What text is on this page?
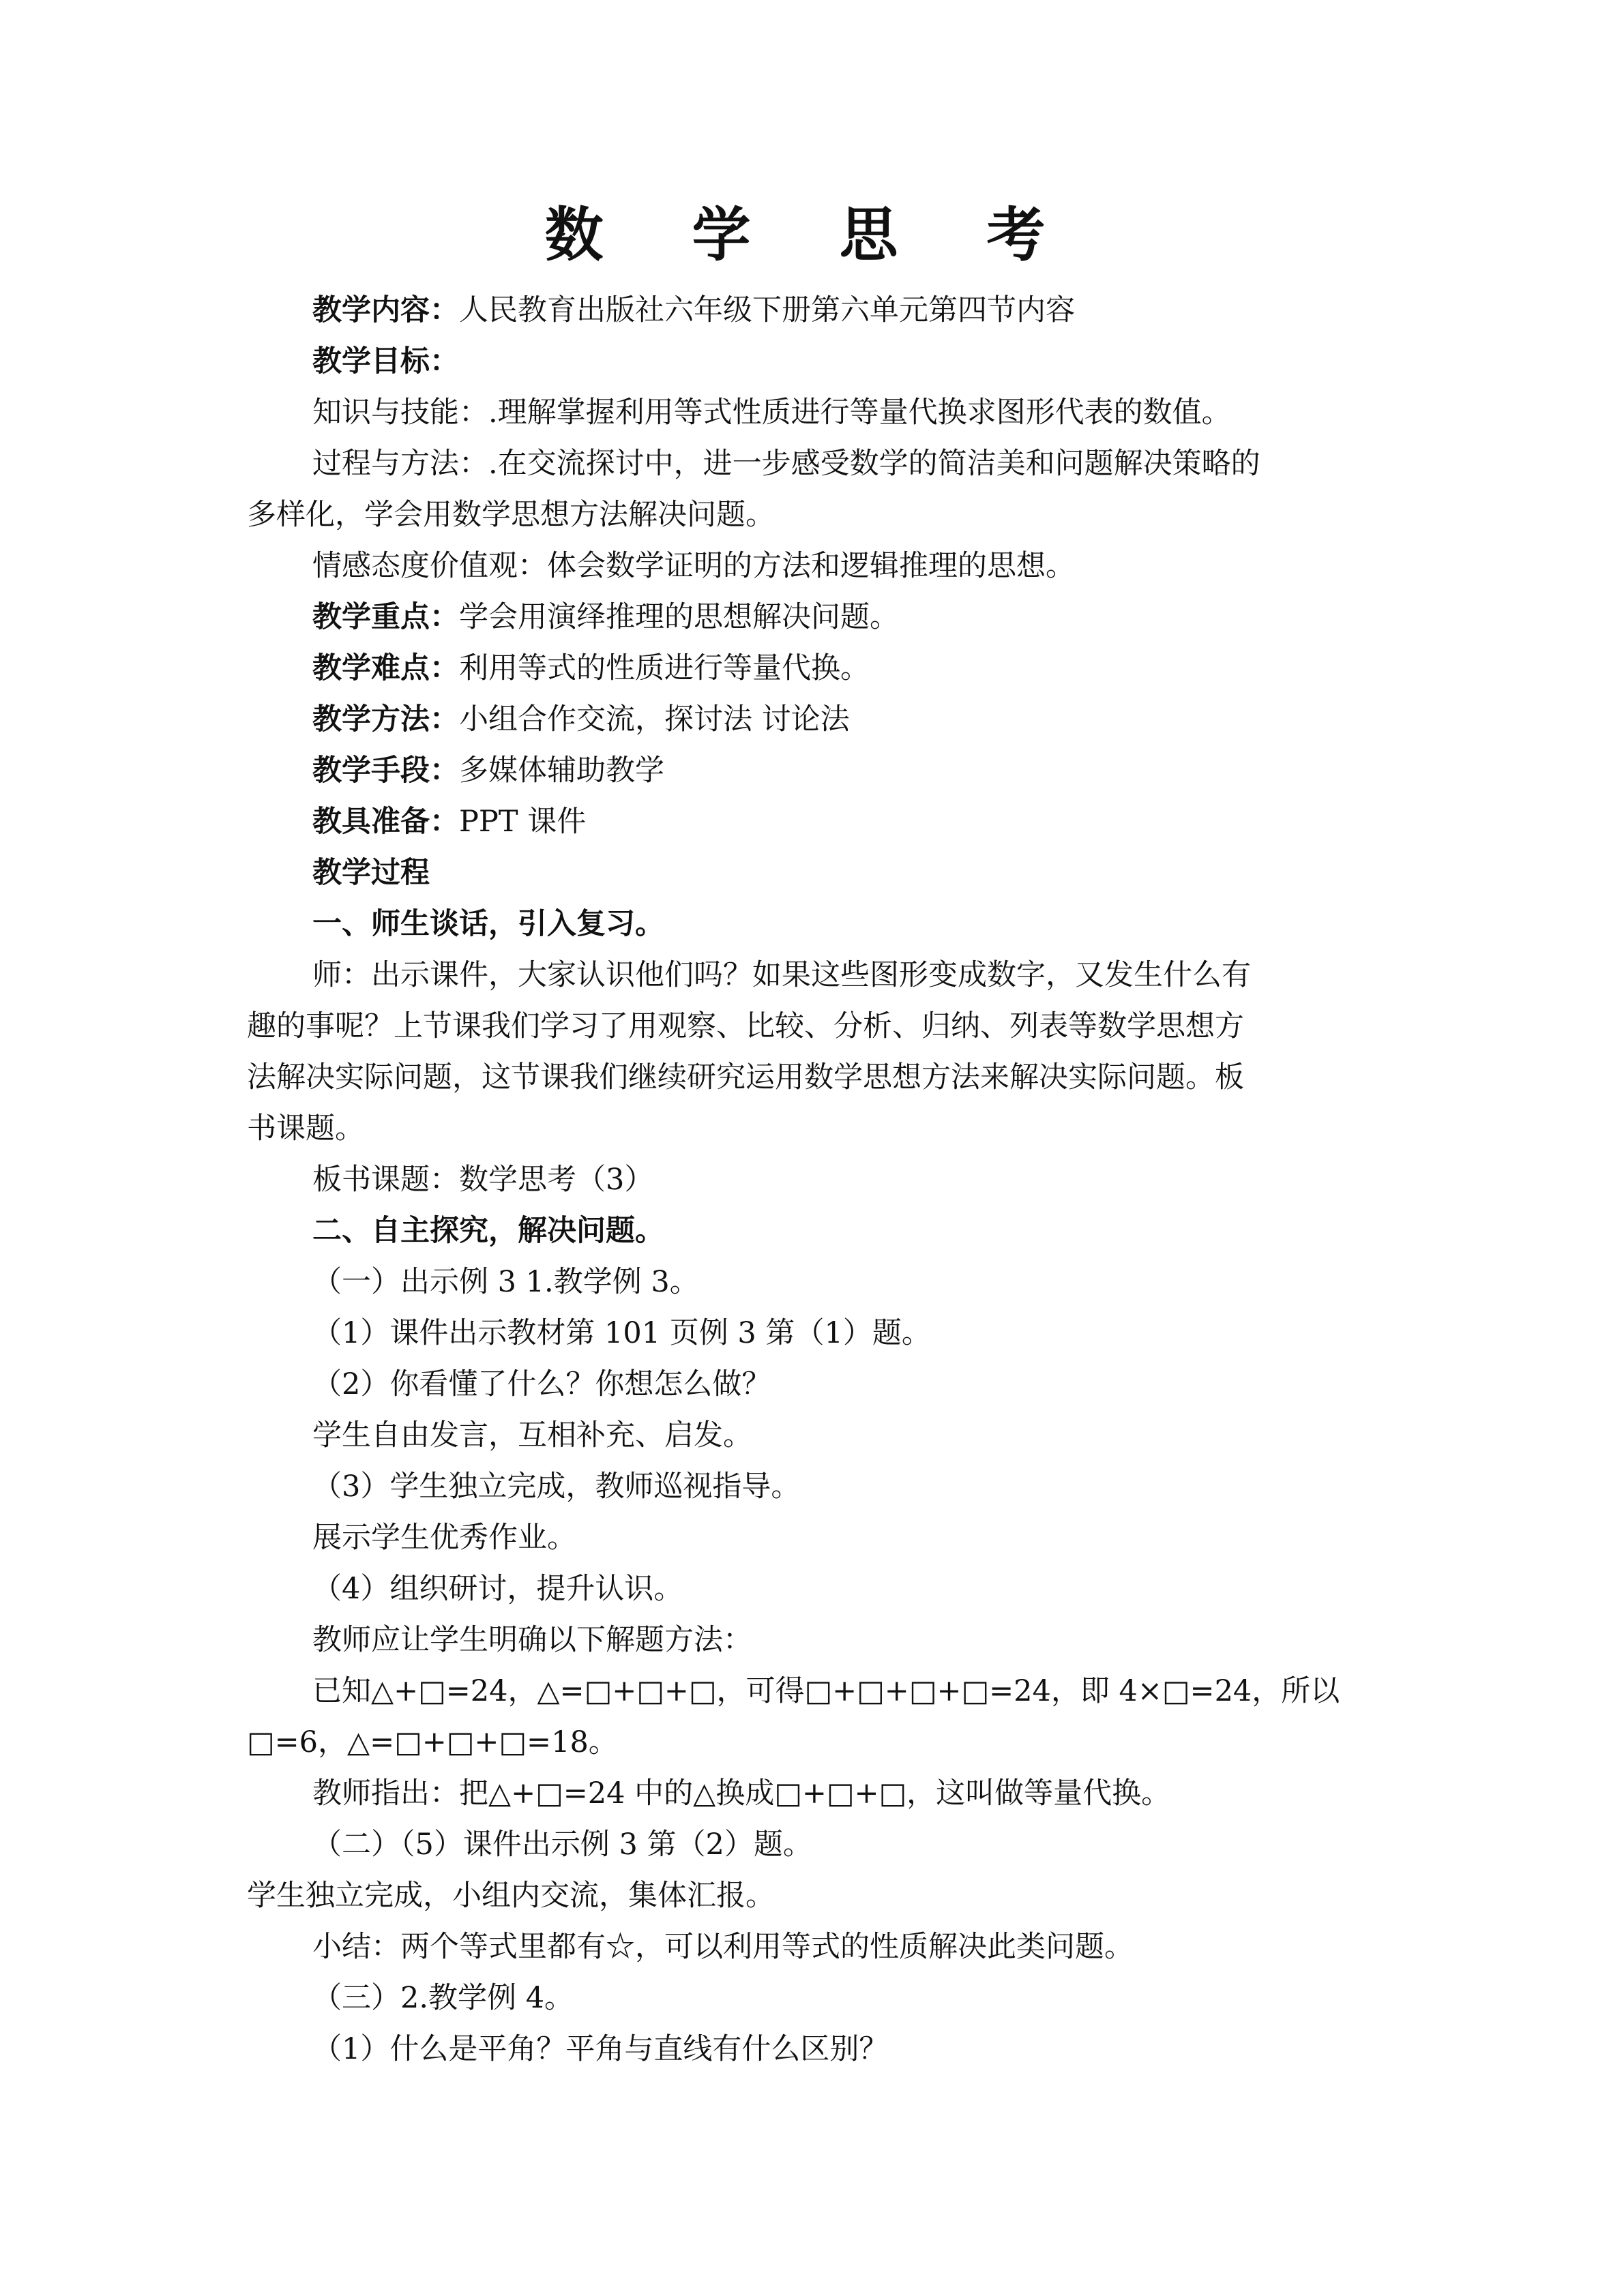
数 学 思 考
教学内容：人民教育出版社六年级下册第六单元第四节内容
教学目标：
知识与技能：.理解掌握利用等式性质进行等量代换求图形代表的数值。
过程与方法：.在交流探讨中，进一步感受数学的简洁美和问题解决策略的
多样化，学会用数学思想方法解决问题。
情感态度价值观：体会数学证明的方法和逻辑推理的思想。
教学重点：学会用演绎推理的思想解决问题。
教学难点：利用等式的性质进行等量代换。
教学方法：小组合作交流，探讨法 讨论法
教学手段：多媒体辅助教学
教具准备：PPT 课件
教学过程
一、师生谈话，引入复习。
师：出示课件，大家认识他们吗？如果这些图形变成数字，又发生什么有
趣的事呢？上节课我们学习了用观察、比较、分析、归纳、列表等数学思想方
法解决实际问题，这节课我们继续研究运用数学思想方法来解决实际问题。板
书课题。
板书课题：数学思考（3）
二、自主探究，解决问题。
（一）出示例 3 1.教学例 3。
（1）课件出示教材第 101 页例 3 第（1）题。
（2）你看懂了什么？你想怎么做？
学生自由发言，互相补充、启发。
（3）学生独立完成，教师巡视指导。
展示学生优秀作业。
（4）组织研讨，提升认识。
教师应让学生明确以下解题方法：
已知△+□=24，△=□+□+□，可得□+□+□+□=24，即 4×□=24，所以
□=6，△=□+□+□=18。
教师指出：把△+□=24 中的△换成□+□+□，这叫做等量代换。
（二）（5）课件出示例 3 第（2）题。
学生独立完成，小组内交流，集体汇报。
小结：两个等式里都有☆，可以利用等式的性质解决此类问题。
（三）2.教学例 4。
（1）什么是平角？平角与直线有什么区别？
